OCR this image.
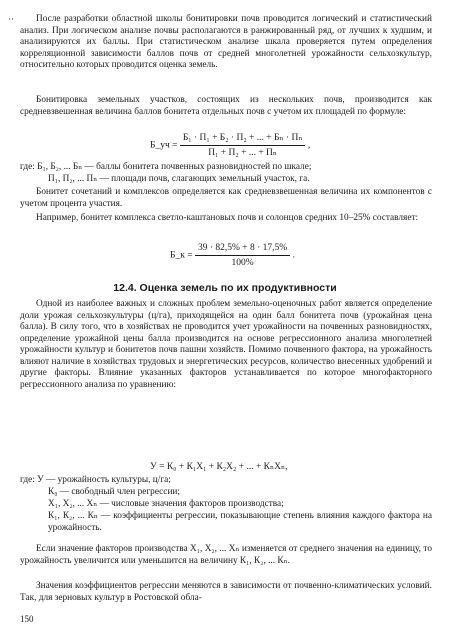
··	После разработки областной школы бонитировки почв проводится логический и статистический анализ. При логическом анализе почвы располагаются в ранжированный ряд, от лучших к худшим, и анализируются их баллы. При статистическом анализе шкала проверяется путем определения корреляционной зависимости баллов почв от средней многолетней урожайности сельхозкультур, относительно которых проводится оценка земель.
Бонитировка земельных участков, состоящих из нескольких почв, производится как средневзвешенная величина баллов бонитета отдельных почв с учетом их площадей по формуле:
Б_уч = $\frac{\text{Б₁ · П₁ + Б₂ · П₂ + ... + Бₙ · Пₙ}}{\text{П₁ + П₂ + ... + Пₙ}}$ ,
где: Б₁, Б₂, ... Бₙ — баллы бонитета почвенных разновидностей по шкале;
П₁, П₂, ... Пₙ — площади почв, слагающих земельный участок, га.
Бонитет сочетаний и комплексов определяется как средневзвешенная величина их компонентов с учетом процента участия.
Например, бонитет комплекса светло-каштановых почв и солонцов средних 10–25% составляет:
Б_к = $\frac{39 \cdot 82,5\% + 8 \cdot 17,5\%}{100\%}$ .
12.4. Оценка земель по их продуктивности
Одной из наиболее важных и сложных проблем земельно-оценочных работ является определение доли урожая сельхозкультуры (ц/га), приходящейся на один балл бонитета почв (урожайная цена балла). В силу того, что в хозяйствах не проводится учет урожайности на почвенных разновидностях, определение урожайной цены балла производится на основе регрессионного анализа многолетней урожайности культур и бонитетов почв пашни хозяйств. Помимо почвенного фактора, на урожайность влияют наличие в хозяйствах трудовых и энергетических ресурсов, количество внесенных удобрений и другие факторы. Влияние указанных факторов устанавливается по которое многофакторного регрессионного анализа по уравнению:
У = К₀ + К₁Х₁ + К₂Х₂ + ... + КₙХₙ,
где: У — урожайность культуры, ц/га;
К₀ — свободный член регрессии;
Х₁, Х₂, ... Хₙ — числовые значения факторов производства;
К₁, К₂, ... Кₙ — коэффициенты регрессии, показывающие степень влияния каждого фактора на урожайность.
Если значение факторов производства Х₁, Х₂, ... Хₙ изменяется от среднего значения на единицу, то урожайность увеличится или уменьшится на величину К₁, К₂, ... Кₙ.
Значения коэффициентов регрессии меняются в зависимости от почвенно-климатических условий. Так, для зерновых культур в Ростовской обла-
150
